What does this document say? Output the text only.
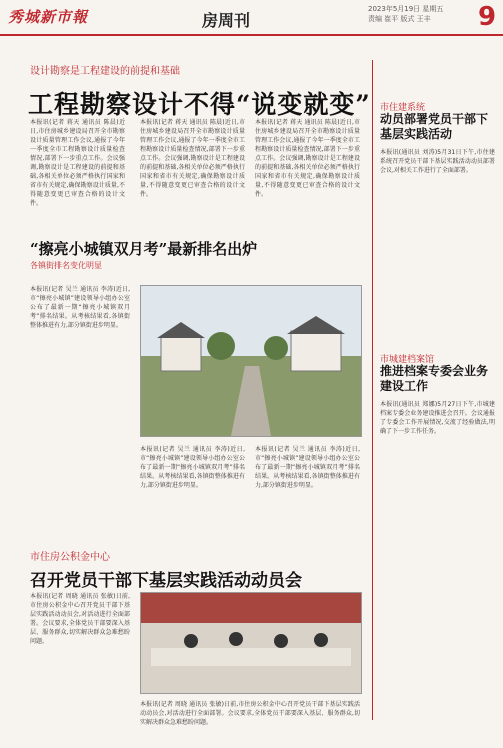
秀城新市報	房周刊
2023年5月19日 星期五
责编 崔平 版式 王丰	9
设计勘察是工程建设的前提和基础
工程勘察设计不得“说变就变”
本报讯(记者 蒋天 通讯员 陈晨)近日,市住房城乡建设局召开全市勘察设计质量管理工作会议,通报了今年一季度全市工程勘察设计质量检查情况,部署下一步重点工作。会议强调,勘察设计是工程建设的前提和基础,各相关单位必须严格执行国家和省市有关规定,确保勘察设计质量,不得随意变更已审查合格的设计文件。
本报讯(记者 蒋天 通讯员 陈晨)近日,市住房城乡建设局召开全市勘察设计质量管理工作会议,通报了今年一季度全市工程勘察设计质量检查情况,部署下一步重点工作。会议强调,勘察设计是工程建设的前提和基础,各相关单位必须严格执行国家和省市有关规定,确保勘察设计质量,不得随意变更已审查合格的设计文件。
本报讯(记者 蒋天 通讯员 陈晨)近日,市住房城乡建设局召开全市勘察设计质量管理工作会议,通报了今年一季度全市工程勘察设计质量检查情况,部署下一步重点工作。会议强调,勘察设计是工程建设的前提和基础,各相关单位必须严格执行国家和省市有关规定,确保勘察设计质量,不得随意变更已审查合格的设计文件。
“擦亮小城镇双月考”最新排名出炉
各镇街排名变化明显
本报讯(记者 吴兰 通讯员 李涛)近日,市“擦亮小城镇”建设领导小组办公室公布了最新一期“擦亮小城镇双月考”排名结果。从考核结果看,各镇街整体推进有力,部分镇街进步明显。
本报讯(记者 吴兰 通讯员 李涛)近日,市“擦亮小城镇”建设领导小组办公室公布了最新一期“擦亮小城镇双月考”排名结果。从考核结果看,各镇街整体推进有力,部分镇街进步明显。
本报讯(记者 吴兰 通讯员 李涛)近日,市“擦亮小城镇”建设领导小组办公室公布了最新一期“擦亮小城镇双月考”排名结果。从考核结果看,各镇街整体推进有力,部分镇街进步明显。
市住房公积金中心
召开党员干部下基层实践活动动员会
本报讯(记者 周晓 通讯员 张敏)日前,市住房公积金中心召开党员干部下基层实践活动动员会,对活动进行全面部署。会议要求,全体党员干部要深入基层、服务群众,切实解决群众急难愁盼问题。
本报讯(记者 周晓 通讯员 张敏)日前,市住房公积金中心召开党员干部下基层实践活动动员会,对活动进行全面部署。会议要求,全体党员干部要深入基层、服务群众,切实解决群众急难愁盼问题。
市住建系统
动员部署党员干部下基层实践活动
本报讯(通讯员 刘涛)5月31日下午,市住建系统召开党员干部下基层实践活动动员部署会议,对相关工作进行了全面部署。
市城建档案馆
推进档案专委会业务建设工作
本报讯(通讯员 郑娜)5月27日下午,市城建档案专委会业务建设推进会召开。会议通报了专委会工作开展情况,交流了经验做法,明确了下一步工作任务。
